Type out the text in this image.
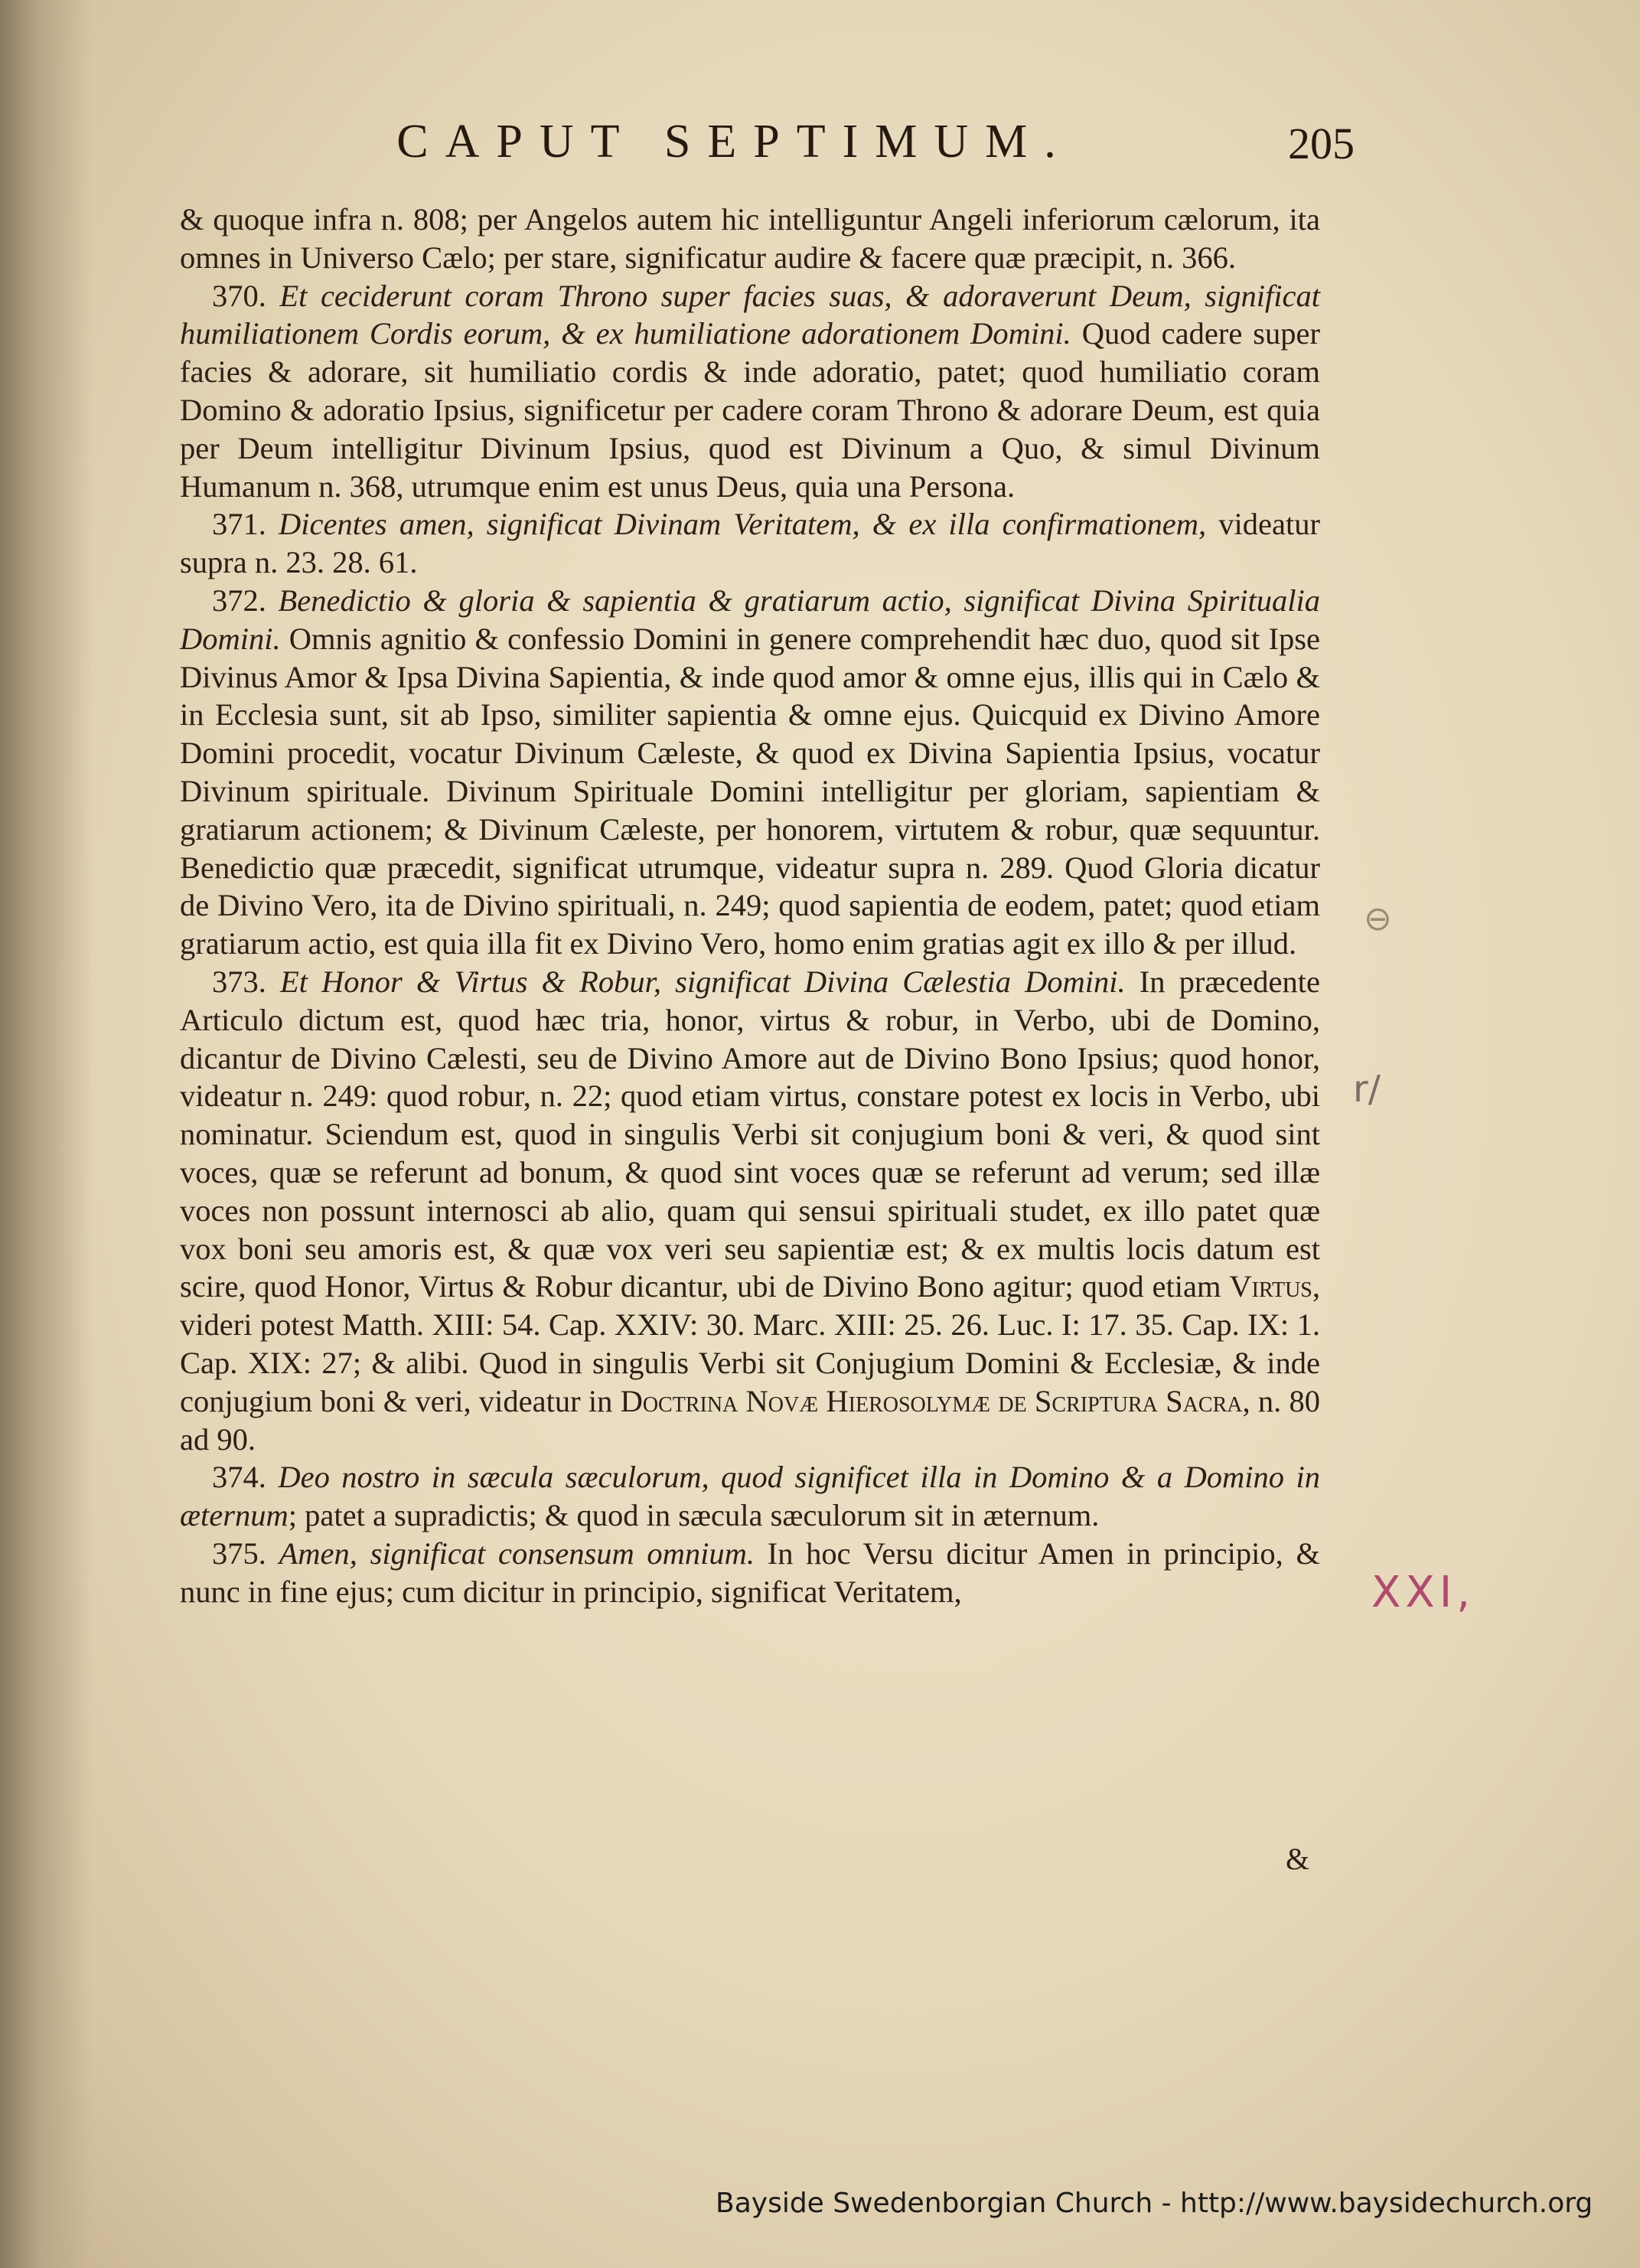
CAPUT SEPTIMUM.	205

& quoque infra n. 808; per Angelos autem hic intelliguntur Angeli inferiorum cælorum, ita omnes in Universo Cælo; per stare, significatur audire & facere quæ præcipit, n. 366.

370. Et ceciderunt coram Throno super facies suas, & adoraverunt Deum, significat humiliationem Cordis eorum, & ex humiliatione adorationem Domini. Quod cadere super facies & adorare, sit humiliatio cordis & inde adoratio, patet; quod humiliatio coram Domino & adoratio Ipsius, significetur per cadere coram Throno & adorare Deum, est quia per Deum intelligitur Divinum Ipsius, quod est Divinum a Quo, & simul Divinum Humanum n. 368, utrumque enim est unus Deus, quia una Persona.

371. Dicentes amen, significat Divinam Veritatem, & ex illa confirmationem, videatur supra n. 23. 28. 61.

372. Benedictio & gloria & sapientia & gratiarum actio, significat Divina Spiritualia Domini. Omnis agnitio & confessio Domini in genere comprehendit hæc duo, quod sit Ipse Divinus Amor & Ipsa Divina Sapientia, & inde quod amor & omne ejus, illis qui in Cælo & in Ecclesia sunt, sit ab Ipso, similiter sapientia & omne ejus. Quicquid ex Divino Amore Domini procedit, vocatur Divinum Cæleste, & quod ex Divina Sapientia Ipsius, vocatur Divinum spirituale. Divinum Spirituale Domini intelligitur per gloriam, sapientiam & gratiarum actionem; & Divinum Cæleste, per honorem, virtutem & robur, quæ sequuntur. Benedictio quæ præcedit, significat utrumque, videatur supra n. 289. Quod Gloria dicatur de Divino Vero, ita de Divino spirituali, n. 249; quod sapientia de eodem, patet; quod etiam gratiarum actio, est quia illa fit ex Divino Vero, homo enim gratias agit ex illo & per illud.

373. Et Honor & Virtus & Robur, significat Divina Cælestia Domini. In præcedente Articulo dictum est, quod hæc tria, honor, virtus & robur, in Verbo, ubi de Domino, dicantur de Divino Cælesti, seu de Divino Amore aut de Divino Bono Ipsius; quod honor, videatur n. 249: quod robur, n. 22; quod etiam virtus, constare potest ex locis in Verbo, ubi nominatur. Sciendum est, quod in singulis Verbi sit conjugium boni & veri, & quod sint voces, quæ se referunt ad bonum, & quod sint voces quæ se referunt ad verum; sed illæ voces non possunt internosci ab alio, quam qui sensui spirituali studet, ex illo patet quæ vox boni seu amoris est, & quæ vox veri seu sapientiæ est; & ex multis locis datum est scire, quod Honor, Virtus & Robur dicantur, ubi de Divino Bono agitur; quod etiam Virtus, videri potest Matth. XIII: 54. Cap. XXIV: 30. Marc. XIII: 25. 26. Luc. I: 17. 35. Cap. IX: 1. Cap. XIX: 27; & alibi. Quod in singulis Verbi sit Conjugium Domini & Ecclesiæ, & inde conjugium boni & veri, videatur in Doctrina Novæ Hierosolymæ de Scriptura Sacra, n. 80 ad 90.

374. Deo nostro in sæcula sæculorum, quod significet illa in Domino & a Domino in æternum; patet a supradictis; & quod in sæcula sæculorum sit in æternum.

375. Amen, significat consensum omnium. In hoc Versu dicitur Amen in principio, & nunc in fine ejus; cum dicitur in principio, significat Veritatem,

&
⊖
r/
XXI,
Bayside Swedenborgian Church - http://www.baysidechurch.org
